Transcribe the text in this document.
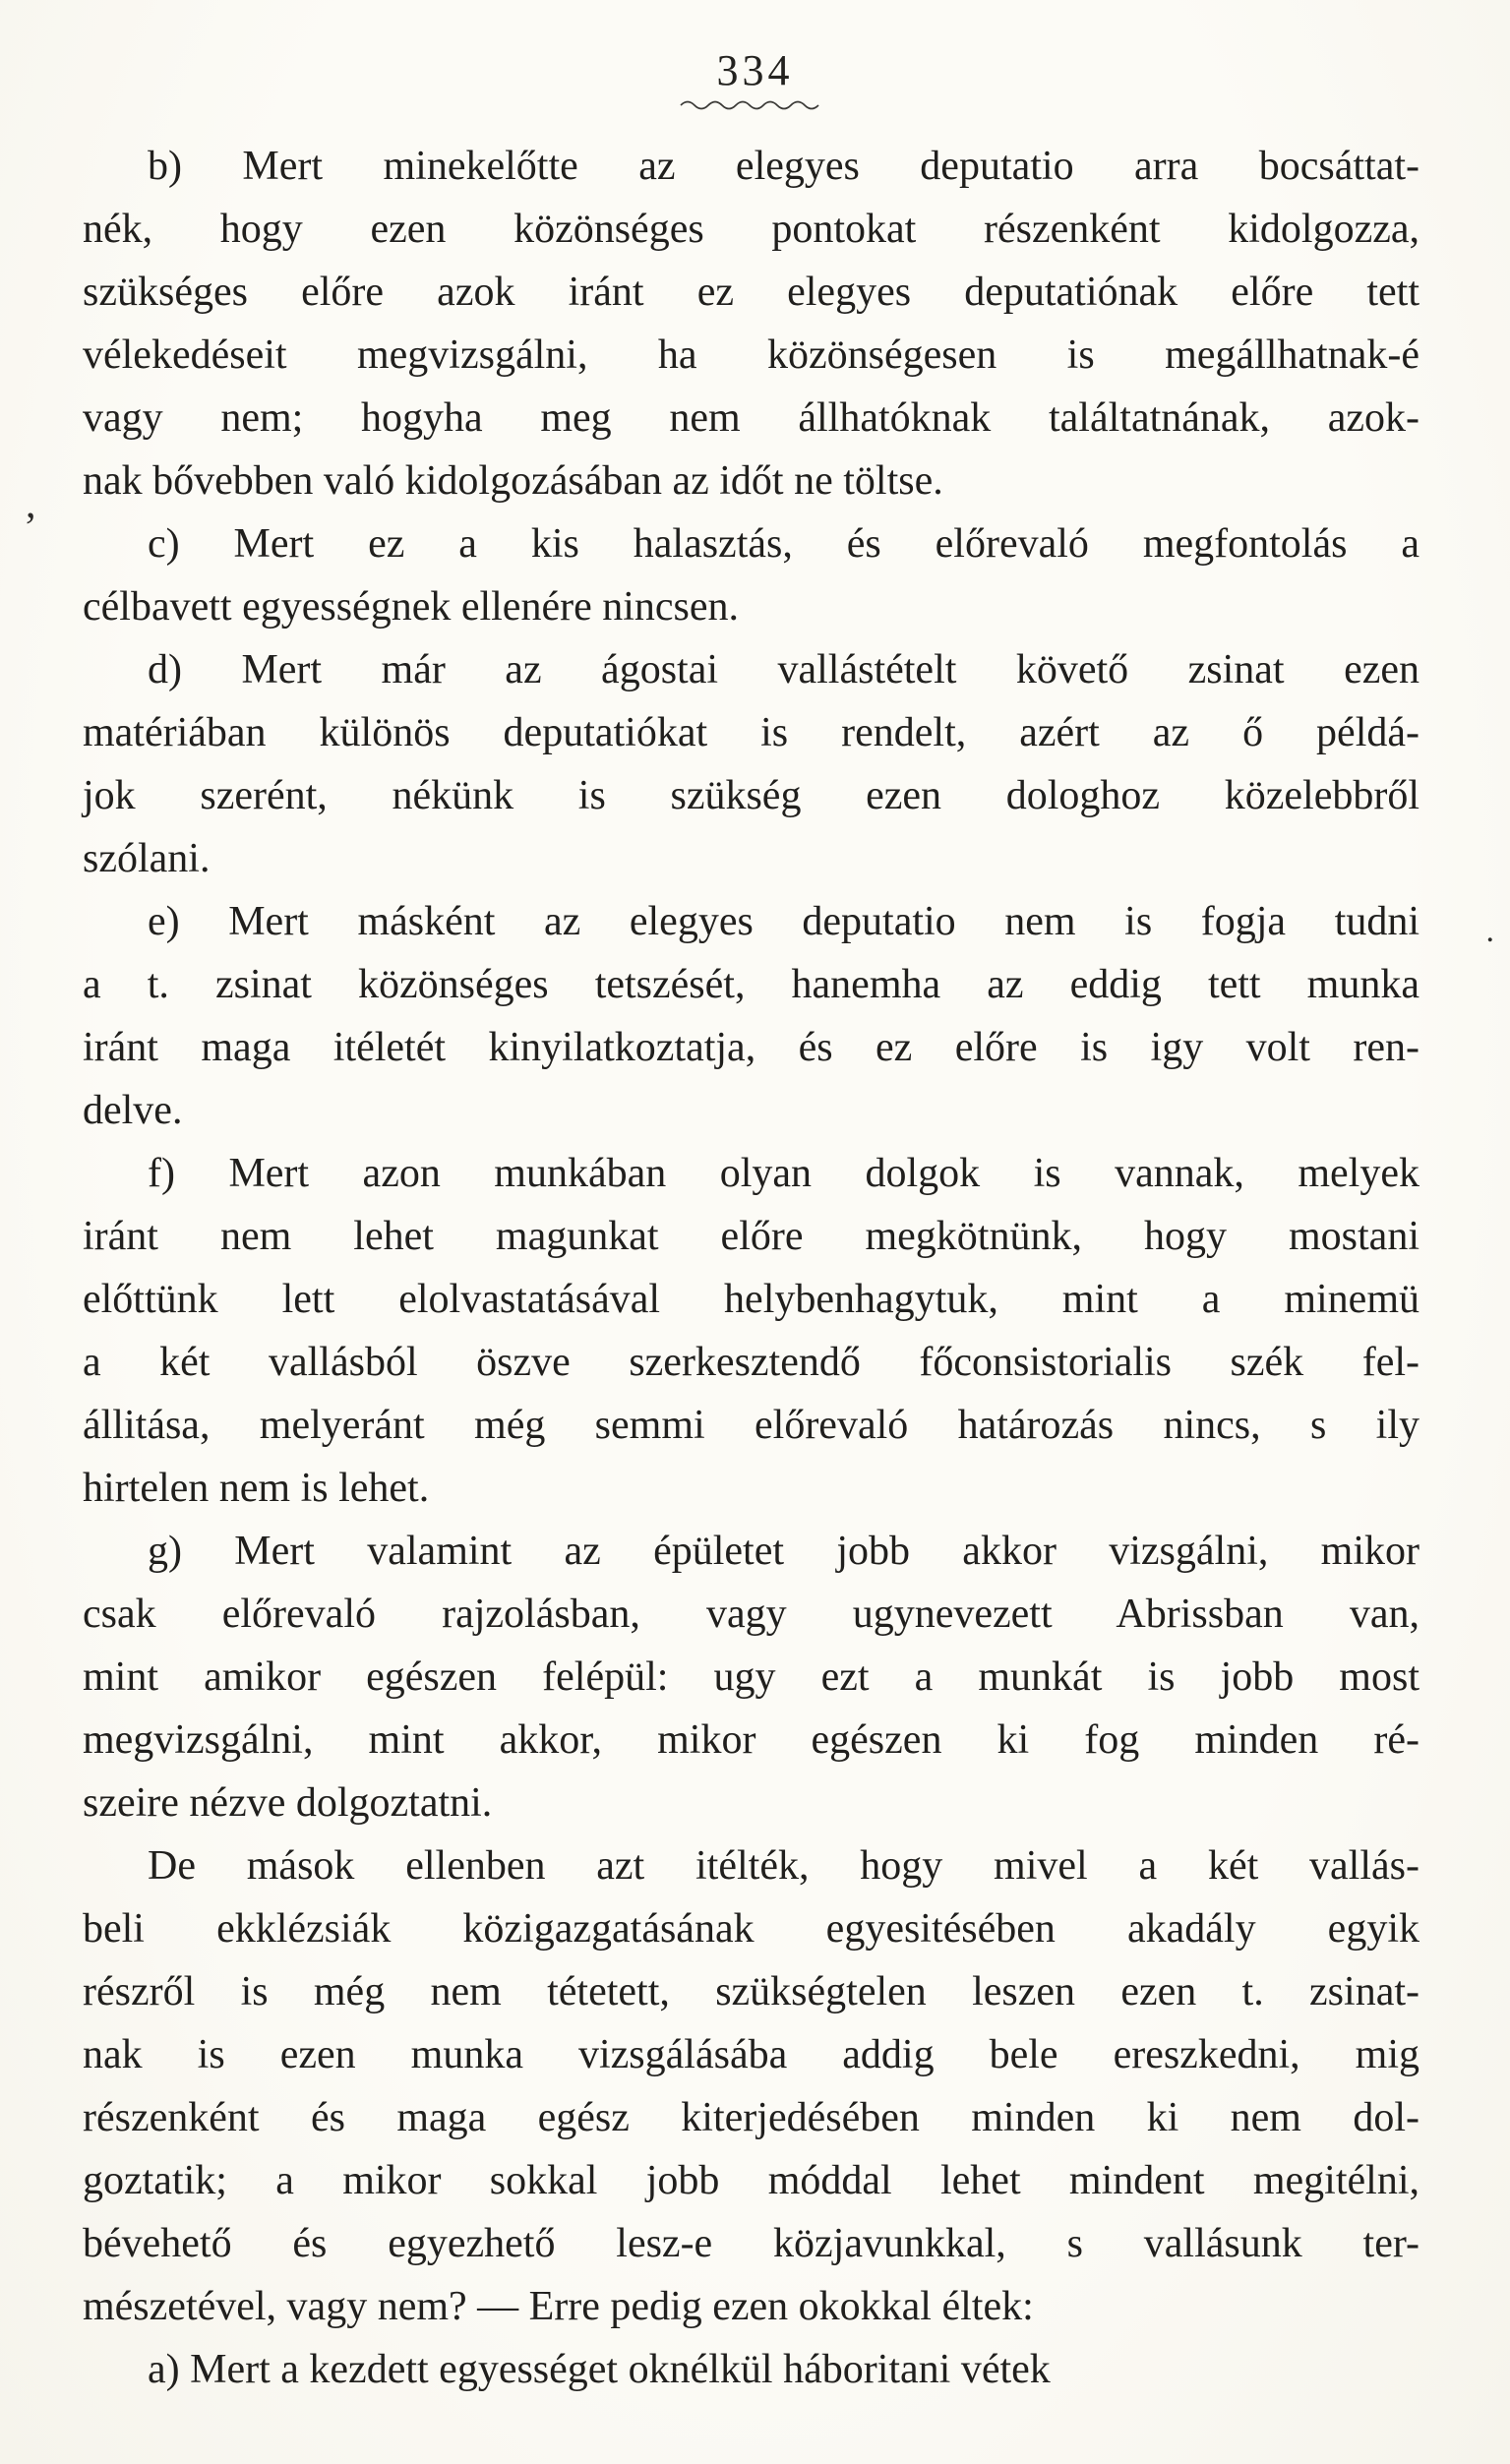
334
,
.
b) Mert minekelőtte az elegyes deputatio arra bocsáttat-
nék, hogy ezen közönséges pontokat részenként kidolgozza,
szükséges előre azok iránt ez elegyes deputatiónak előre tett
vélekedéseit megvizsgálni, ha közönségesen is megállhatnak-é
vagy nem; hogyha meg nem állhatóknak találtatnának, azok-
nak bővebben való kidolgozásában az időt ne töltse.
c) Mert ez a kis halasztás, és előrevaló megfontolás a
célbavett egyességnek ellenére nincsen.
d) Mert már az ágostai vallástételt követő zsinat ezen
matériában különös deputatiókat is rendelt, azért az ő példá-
jok szerént, nékünk is szükség ezen dologhoz közelebbről
szólani.
e) Mert másként az elegyes deputatio nem is fogja tudni
a t. zsinat közönséges tetszését, hanemha az eddig tett munka
iránt maga itéletét kinyilatkoztatja, és ez előre is igy volt ren-
delve.
f) Mert azon munkában olyan dolgok is vannak, melyek
iránt nem lehet magunkat előre megkötnünk, hogy mostani
előttünk lett elolvastatásával helybenhagytuk, mint a minemü
a két vallásból öszve szerkesztendő főconsistorialis szék fel-
állitása, melyeránt még semmi előrevaló határozás nincs, s ily
hirtelen nem is lehet.
g) Mert valamint az épületet jobb akkor vizsgálni, mikor
csak előrevaló rajzolásban, vagy ugynevezett Abrissban van,
mint amikor egészen felépül: ugy ezt a munkát is jobb most
megvizsgálni, mint akkor, mikor egészen ki fog minden ré-
szeire nézve dolgoztatni.
De mások ellenben azt itélték, hogy mivel a két vallás-
beli ekklézsiák közigazgatásának egyesitésében akadály egyik
részről is még nem tétetett, szükségtelen leszen ezen t. zsinat-
nak is ezen munka vizsgálásába addig bele ereszkedni, mig
részenként és maga egész kiterjedésében minden ki nem dol-
goztatik; a mikor sokkal jobb móddal lehet mindent megitélni,
bévehető és egyezhető lesz-e közjavunkkal, s vallásunk ter-
mészetével, vagy nem? — Erre pedig ezen okokkal éltek:
a) Mert a kezdett egyességet oknélkül háboritani vétek
